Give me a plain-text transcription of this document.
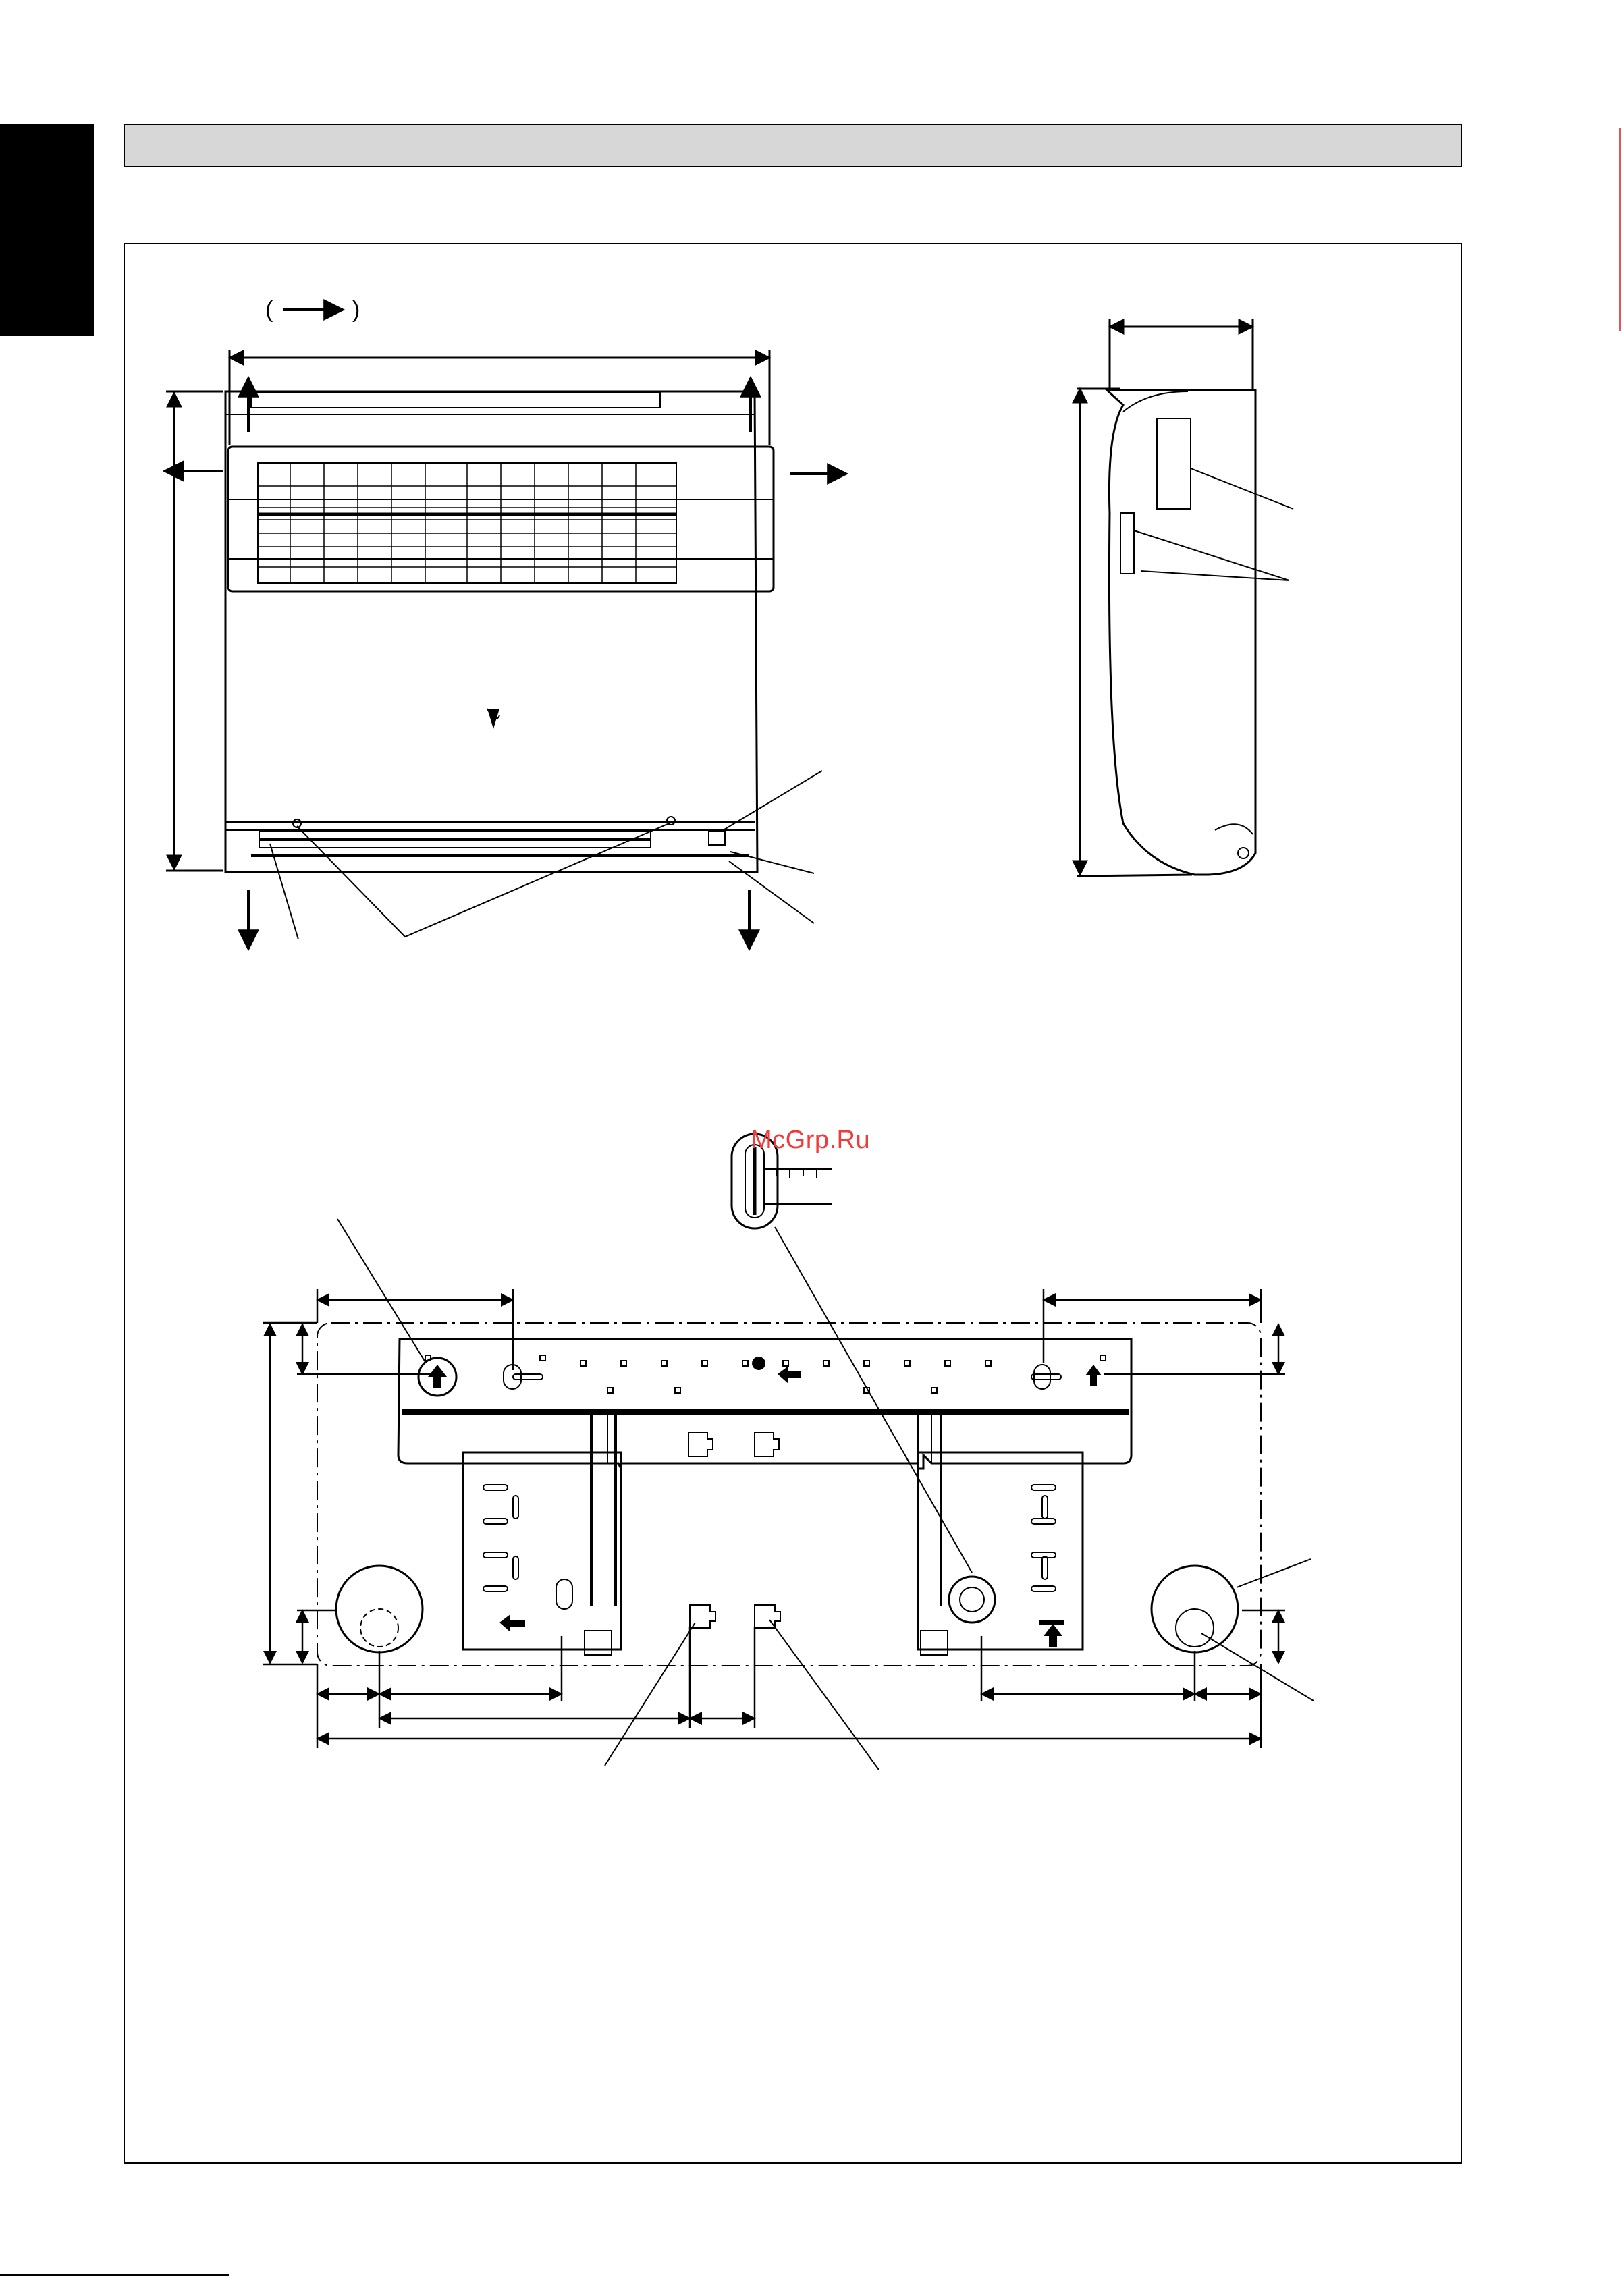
(	)
McGrp.Ru
